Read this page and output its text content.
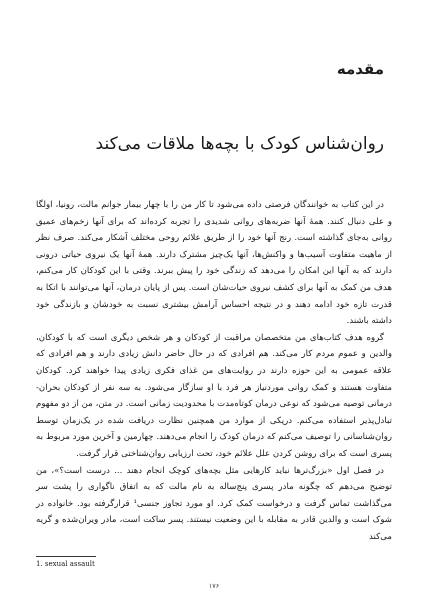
مقدمه
روان‌شناس کودک با بچه‌ها ملاقات می‌کند

در این کتاب به خوانندگان فرصتی داده می‌شود تا کار من را با چهار بیمار جوانم مالت، رونیا، اولگا و علی دنبال کنند. همهٔ آنها ضربه‌های روانی شدیدی را تجربه کرده‌اند که برای آنها زخم‌های عمیق روانی به‌جای گذاشته است. رنج آنها خود را از طریق علائم روحی مختلف آشکار می‌کند. صرف نظر از ماهیت متفاوت آسیب‌ها و واکنش‌ها، آنها یک‌چیز مشترک دارند. همهٔ آنها یک نیروی حیاتی درونی دارند که به آنها این امکان را می‌دهد که زندگی خود را پیش ببرند. وقتی با این کودکان کار می‌کنم، هدف من کمک به آنها برای کشف نیروی حیات‌شان است. پس از پایان درمان، آنها می‌توانند با اتکا به قدرت تازه خود ادامه دهند و در نتیجه احساس آرامش بیشتری نسبت به خودشان و بازندگی خود داشته باشند.

گروه هدف کتاب‌های من متخصصان مراقبت از کودکان و هر شخص دیگری است که با کودکان، والدین و عموم مردم کار می‌کند. هم افرادی که در حال حاضر دانش زیادی دارند و هم افرادی که علاقه عمومی به این حوزه دارند در روایت‌های من غذای فکری زیادی پیدا خواهند کرد. کودکان متفاوت هستند و کمک روانی موردنیاز هر فرد با او سازگار می‌شود. به سه نفر از کودکان بحران-درمانی توصیه می‌شود که نوعی درمان کوتاه‌مدت با محدودیت زمانی است. در متن، من از دو مفهوم تبادل‌پذیر استفاده می‌کنم. درپکی از موارد من همچنین نظارت دریافت شده در یک‌زمان توسط روان‌شناسانی را توصیف می‌کنم که درمان کودک را انجام می‌دهند. چهارمین و آخرین مورد مربوط به پسری است که برای روشن کردن علل علائم خود، تحت ارزیابی روان‌شناختی قرار گرفت.

در فصل اول «بزرگ‌تر‌ها نباید کارهایی مثل بچه‌های کوچک انجام دهند ... درست است؟»، من توضیح می‌دهم که چگونه مادر پسری پنج‌ساله به نام مالت که به اتفاق ناگواری را پشت سر می‌گذاشت تماس گرفت و درخواست کمک کرد. او مورد تجاوز جنسی¹ قرارگرفته بود. خانواده در شوک است و والدین قادر به مقابله با این وضعیت نیستند. پسر ساکت است، مادر ویران‌شده و گریه می‌کند

1. sexual assault
۱۷۶
